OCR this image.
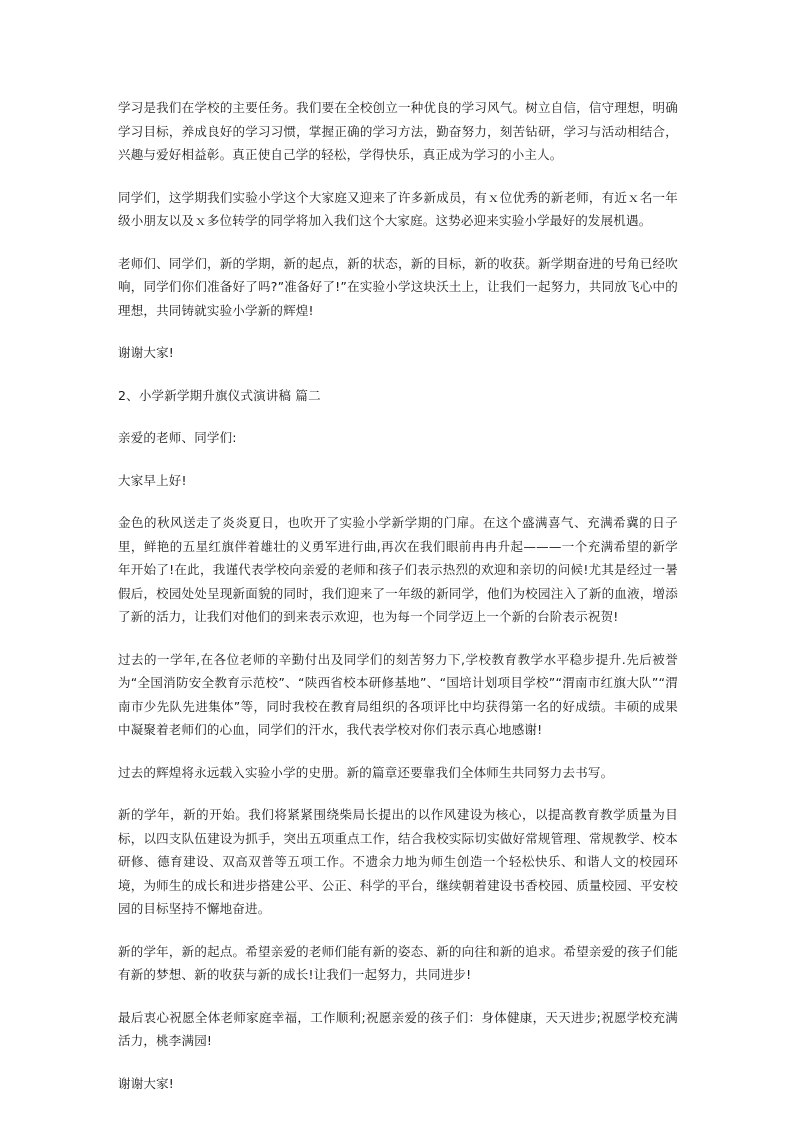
学习是我们在学校的主要任务。我们要在全校创立一种优良的学习风气。树立自信，信守理想，明确学习目标，养成良好的学习习惯，掌握正确的学习方法，勤奋努力，刻苦钻研，学习与活动相结合，兴趣与爱好相益彰。真正使自己学的轻松，学得快乐，真正成为学习的小主人。

同学们，这学期我们实验小学这个大家庭又迎来了许多新成员，有ｘ位优秀的新老师，有近ｘ名一年级小朋友以及ｘ多位转学的同学将加入我们这个大家庭。这势必迎来实验小学最好的发展机遇。

老师们、同学们，新的学期，新的起点，新的状态，新的目标，新的收获。新学期奋进的号角已经吹响，同学们你们准备好了吗?”准备好了!”在实验小学这块沃土上，让我们一起努力，共同放飞心中的理想，共同铸就实验小学新的辉煌!

谢谢大家!

2、小学新学期升旗仪式演讲稿 篇二

亲爱的老师、同学们:

大家早上好!

金色的秋风送走了炎炎夏日，也吹开了实验小学新学期的门扉。在这个盛满喜气、充满希冀的日子里，鲜艳的五星红旗伴着雄壮的义勇军进行曲,再次在我们眼前冉冉升起———一个充满希望的新学年开始了!在此，我谨代表学校向亲爱的老师和孩子们表示热烈的欢迎和亲切的问候!尤其是经过一暑假后，校园处处呈现新面貌的同时，我们迎来了一年级的新同学，他们为校园注入了新的血液，增添了新的活力，让我们对他们的到来表示欢迎，也为每一个同学迈上一个新的台阶表示祝贺!

过去的一学年,在各位老师的辛勤付出及同学们的刻苦努力下,学校教育教学水平稳步提升.先后被誉为“全国消防安全教育示范校”、“陕西省校本研修基地”、“国培计划项目学校”“渭南市红旗大队”“渭南市少先队先进集体”等，同时我校在教育局组织的各项评比中均获得第一名的好成绩。丰硕的成果中凝聚着老师们的心血，同学们的汗水，我代表学校对你们表示真心地感谢!

过去的辉煌将永远载入实验小学的史册。新的篇章还要靠我们全体师生共同努力去书写。

新的学年，新的开始。我们将紧紧围绕柴局长提出的以作风建设为核心，以提高教育教学质量为目标，以四支队伍建设为抓手，突出五项重点工作，结合我校实际切实做好常规管理、常规教学、校本研修、德育建设、双高双普等五项工作。不遗余力地为师生创造一个轻松快乐、和谐人文的校园环境，为师生的成长和进步搭建公平、公正、科学的平台，继续朝着建设书香校园、质量校园、平安校园的目标坚持不懈地奋进。

新的学年，新的起点。希望亲爱的老师们能有新的姿态、新的向往和新的追求。希望亲爱的孩子们能有新的梦想、新的收获与新的成长!让我们一起努力，共同进步!

最后衷心祝愿全体老师家庭幸福，工作顺利;祝愿亲爱的孩子们：身体健康，天天进步;祝愿学校充满活力，桃李满园!

谢谢大家!
